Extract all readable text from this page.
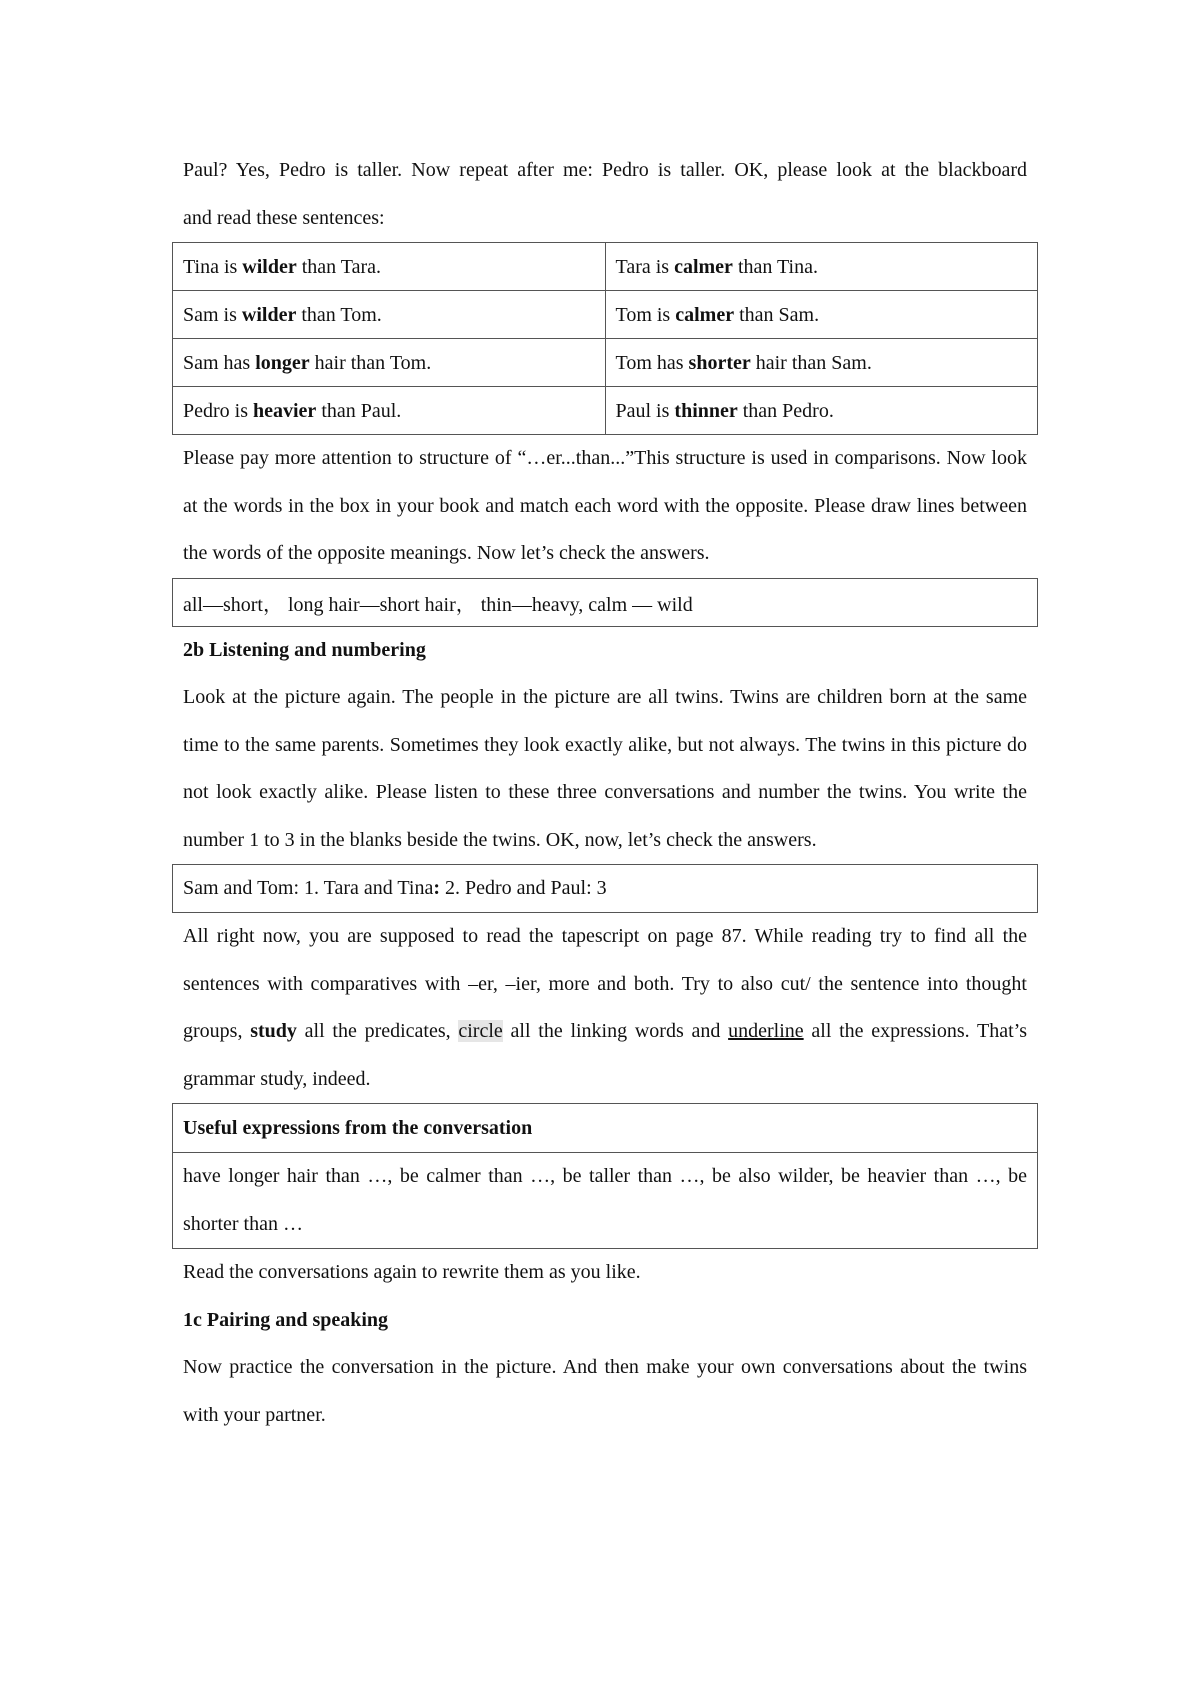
Paul? Yes, Pedro is taller. Now repeat after me: Pedro is taller. OK, please look at the blackboard

and read these sentences:

Tina is wilder than Tara.	Tara is calmer than Tina.
Sam is wilder than Tom.	Tom is calmer than Sam.
Sam has longer hair than Tom.	Tom has shorter hair than Sam.
Pedro is heavier than Paul.	Paul is thinner than Pedro.

Please pay more attention to structure of “…er...than...”This structure is used in comparisons. Now look at the words in the box in your book and match each word with the opposite. Please draw lines between the words of the opposite meanings. Now let’s check the answers.

all—short， long hair—short hair， thin—heavy, calm — wild

2b Listening and numbering

Look at the picture again. The people in the picture are all twins. Twins are children born at the same time to the same parents. Sometimes they look exactly alike, but not always. The twins in this picture do not look exactly alike. Please listen to these three conversations and number the twins. You write the number 1 to 3 in the blanks beside the twins. OK, now, let’s check the answers.

Sam and Tom: 1. Tara and Tina: 2. Pedro and Paul: 3

All right now, you are supposed to read the tapescript on page 87. While reading try to find all the sentences with comparatives with –er, –ier, more and both. Try to also cut/ the sentence into thought groups, study all the predicates, circle all the linking words and underline all the expressions. That’s grammar study, indeed.

Useful expressions from the conversation
have longer hair than …, be calmer than …, be taller than …, be also wilder, be heavier than …, be shorter than …

Read the conversations again to rewrite them as you like.

1c Pairing and speaking

Now practice the conversation in the picture. And then make your own conversations about the twins with your partner.
